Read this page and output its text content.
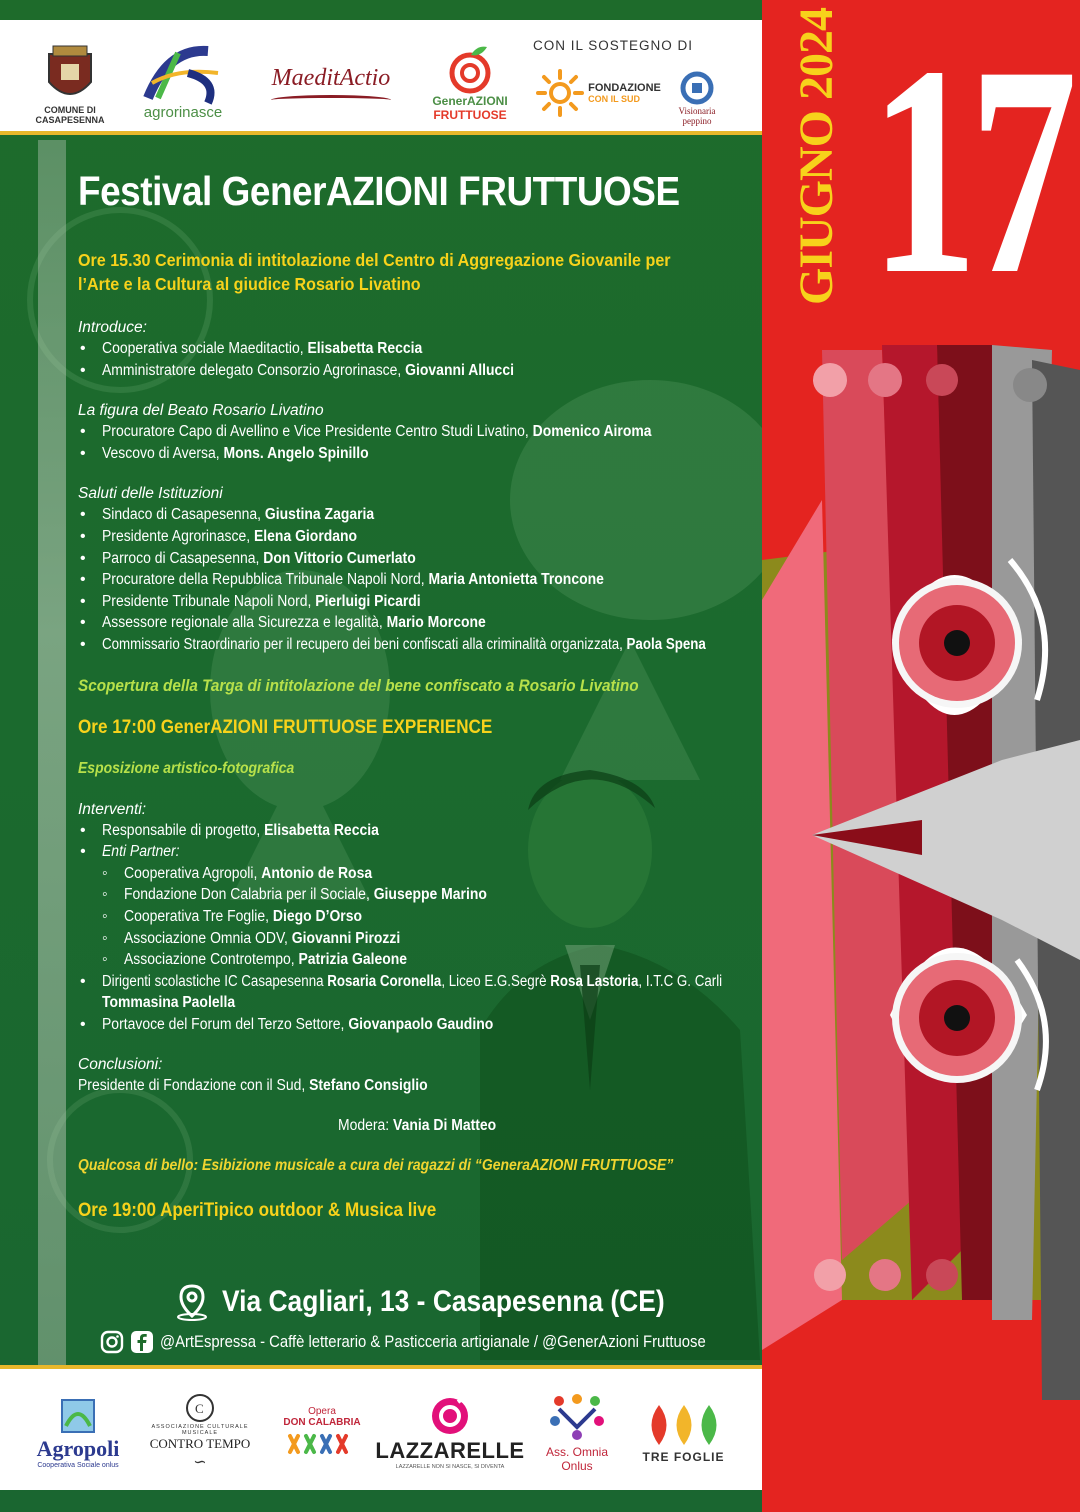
GIUGNO 2024 17
COMUNE DI CASAPESENNA	agrorinasce
MaeditActio
GenerAZIONI
FRUTTUOSE
CON IL SOSTEGNO DI
FONDAZIONE
CON IL SUD
Visionaria
peppino
Festival GenerAZIONI FRUTTUOSE
Ore 15.30 Cerimonia di intitolazione del Centro di Aggregazione Giovanile per l’Arte e la Cultura al giudice Rosario Livatino
Introduce:
• Cooperativa sociale Maeditactio, Elisabetta Reccia
• Amministratore delegato Consorzio Agrorinasce, Giovanni Allucci
La figura del Beato Rosario Livatino
• Procuratore Capo di Avellino e Vice Presidente Centro Studi Livatino, Domenico Airoma
• Vescovo di Aversa, Mons. Angelo Spinillo
Saluti delle Istituzioni
• Sindaco di Casapesenna, Giustina Zagaria
• Presidente Agrorinasce, Elena Giordano
• Parroco di Casapesenna, Don Vittorio Cumerlato
• Procuratore della Repubblica Tribunale Napoli Nord, Maria Antonietta Troncone
• Presidente Tribunale Napoli Nord, Pierluigi Picardi
• Assessore regionale alla Sicurezza e legalità, Mario Morcone
• Commissario Straordinario per il recupero dei beni confiscati alla criminalità organizzata, Paola Spena
Scopertura della Targa di intitolazione del bene confiscato a Rosario Livatino
Ore 17:00 GenerAZIONI FRUTTUOSE EXPERIENCE
Esposizione artistico-fotografica
Interventi:
• Responsabile di progetto, Elisabetta Reccia
• Enti Partner:
◦ Cooperativa Agropoli, Antonio de Rosa
◦ Fondazione Don Calabria per il Sociale, Giuseppe Marino
◦ Cooperativa Tre Foglie, Diego D’Orso
◦ Associazione Omnia ODV, Giovanni Pirozzi
◦ Associazione Controtempo, Patrizia Galeone
• Dirigenti scolastiche IC Casapesenna Rosaria Coronella, Liceo E.G.Segrè Rosa Lastoria, I.T.C G. Carli
Tommasina Paolella
• Portavoce del Forum del Terzo Settore, Giovanpaolo Gaudino
Conclusioni:
Presidente di Fondazione con il Sud, Stefano Consiglio
Modera: Vania Di Matteo
Qualcosa di bello: Esibizione musicale a cura dei ragazzi di “GeneraAZIONI FRUTTUOSE”
Ore 19:00 AperiTipico outdoor & Musica live
Via Cagliari, 13 - Casapesenna (CE)
@ArtEspressa - Caffè letterario & Pasticceria artigianale / @GenerAzioni Fruttuose
Agropoli
Cooperativa Sociale onlus
C
ASSOCIAZIONE CULTURALE MUSICALE
CONTRO TEMPO
∽
Opera
DON CALABRIA
LAZZARELLE
LAZZARELLE NON SI NASCE, SI DIVENTA
Ass. Omnia Onlus
TRE FOGLIE
